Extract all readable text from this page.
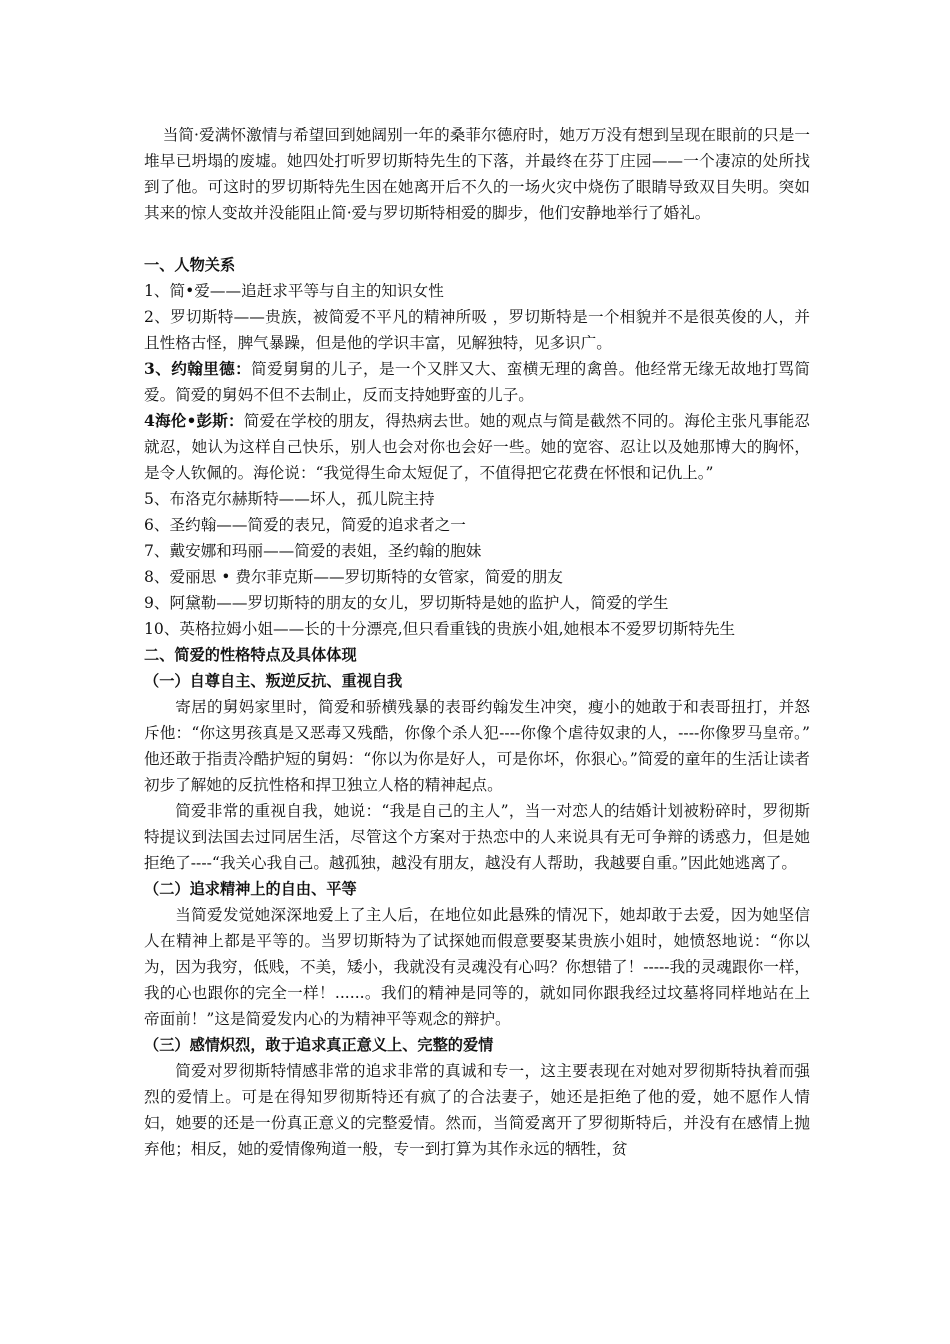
当简·爱满怀激情与希望回到她阔别一年的桑菲尔德府时，她万万没有想到呈现在眼前的只是一堆早已坍塌的废墟。她四处打听罗切斯特先生的下落，并最终在芬丁庄园——一个凄凉的处所找到了他。可这时的罗切斯特先生因在她离开后不久的一场火灾中烧伤了眼睛导致双目失明。突如其来的惊人变故并没能阻止简·爱与罗切斯特相爱的脚步，他们安静地举行了婚礼。

一、人物关系

1、简•爱——追赶求平等与自主的知识女性

2、罗切斯特——贵族，被简爱不平凡的精神所吸 ，罗切斯特是一个相貌并不是很英俊的人，并且性格古怪，脾气暴躁，但是他的学识丰富，见解独特，见多识广。

3、约翰里德：简爱舅舅的儿子，是一个又胖又大、蛮横无理的禽兽。他经常无缘无故地打骂简爱。简爱的舅妈不但不去制止，反而支持她野蛮的儿子。

4海伦•彭斯：简爱在学校的朋友，得热病去世。她的观点与简是截然不同的。海伦主张凡事能忍就忍，她认为这样自己快乐，别人也会对你也会好一些。她的宽容、忍让以及她那博大的胸怀，是令人钦佩的。海伦说：“我觉得生命太短促了，不值得把它花费在怀恨和记仇上。”

5、布洛克尔赫斯特——坏人，孤儿院主持

6、圣约翰——简爱的表兄，简爱的追求者之一

7、戴安娜和玛丽——简爱的表姐，圣约翰的胞妹

8、爱丽思 • 费尔菲克斯——罗切斯特的女管家，简爱的朋友

9、阿黛勒——罗切斯特的朋友的女儿，罗切斯特是她的监护人，简爱的学生

10、英格拉姆小姐——长的十分漂亮,但只看重钱的贵族小姐,她根本不爱罗切斯特先生

二、简爱的性格特点及具体体现

（一）自尊自主、叛逆反抗、重视自我

寄居的舅妈家里时，简爱和骄横残暴的表哥约翰发生冲突，瘦小的她敢于和表哥扭打，并怒斥他：“你这男孩真是又恶毒又残酷，你像个杀人犯----你像个虐待奴隶的人，----你像罗马皇帝。” 他还敢于指责冷酷护短的舅妈：“你以为你是好人，可是你坏，你狠心。”简爱的童年的生活让读者初步了解她的反抗性格和捍卫独立人格的精神起点。

简爱非常的重视自我，她说：“我是自己的主人”，当一对恋人的结婚计划被粉碎时，罗彻斯特提议到法国去过同居生活，尽管这个方案对于热恋中的人来说具有无可争辩的诱惑力，但是她拒绝了----“我关心我自己。越孤独，越没有朋友，越没有人帮助，我越要自重。”因此她逃离了。

（二）追求精神上的自由、平等

当简爱发觉她深深地爱上了主人后，在地位如此悬殊的情况下，她却敢于去爱，因为她坚信人在精神上都是平等的。当罗切斯特为了试探她而假意要娶某贵族小姐时，她愤怒地说：“你以为，因为我穷，低贱，不美，矮小，我就没有灵魂没有心吗？你想错了！-----我的灵魂跟你一样，我的心也跟你的完全一样！......。我们的精神是同等的，就如同你跟我经过坟墓将同样地站在上帝面前！”这是简爱发内心的为精神平等观念的辩护。

（三）感情炽烈，敢于追求真正意义上、完整的爱情

简爱对罗彻斯特情感非常的追求非常的真诚和专一，这主要表现在对她对罗彻斯特执着而强烈的爱情上。可是在得知罗彻斯特还有疯了的合法妻子，她还是拒绝了他的爱，她不愿作人情妇，她要的还是一份真正意义的完整爱情。然而，当简爱离开了罗彻斯特后，并没有在感情上抛弃他；相反，她的爱情像殉道一般，专一到打算为其作永远的牺牲，贫
